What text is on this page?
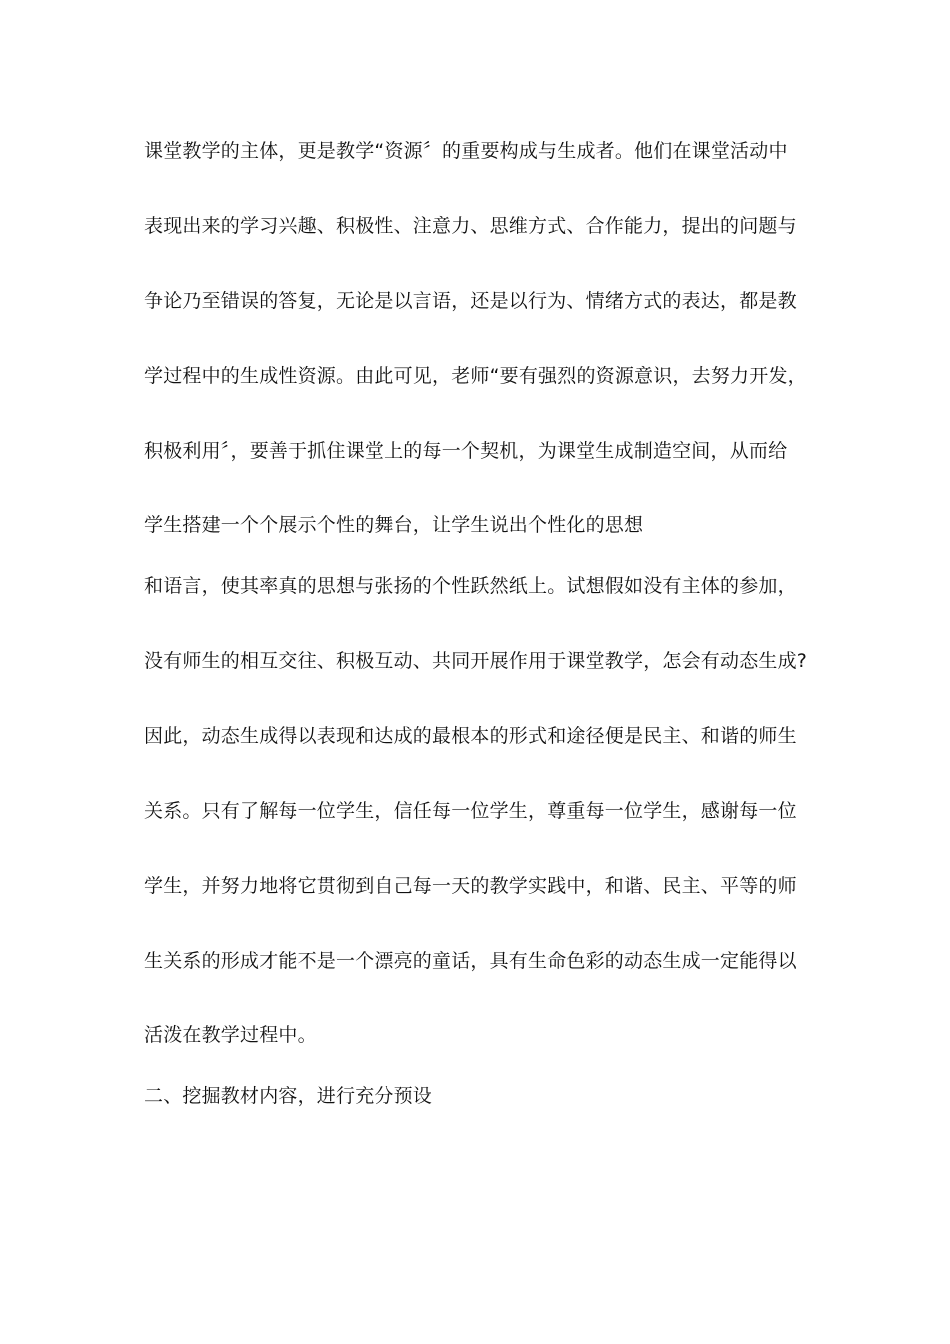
课堂教学的主体，更是教学“资源〞的重要构成与生成者。他们在课堂活动中
表现出来的学习兴趣、积极性、注意力、思维方式、合作能力，提出的问题与
争论乃至错误的答复，无论是以言语，还是以行为、情绪方式的表达，都是教
学过程中的生成性资源。由此可见，老师“要有强烈的资源意识，去努力开发，
积极利用〞，要善于抓住课堂上的每一个契机，为课堂生成制造空间，从而给
学生搭建一个个展示个性的舞台，让学生说出个性化的思想
和语言，使其率真的思想与张扬的个性跃然纸上。试想假如没有主体的参加，
没有师生的相互交往、积极互动、共同开展作用于课堂教学，怎会有动态生成?
因此，动态生成得以表现和达成的最根本的形式和途径便是民主、和谐的师生
关系。只有了解每一位学生，信任每一位学生，尊重每一位学生，感谢每一位
学生，并努力地将它贯彻到自己每一天的教学实践中，和谐、民主、平等的师
生关系的形成才能不是一个漂亮的童话，具有生命色彩的动态生成一定能得以
活泼在教学过程中。
二、挖掘教材内容，进行充分预设
